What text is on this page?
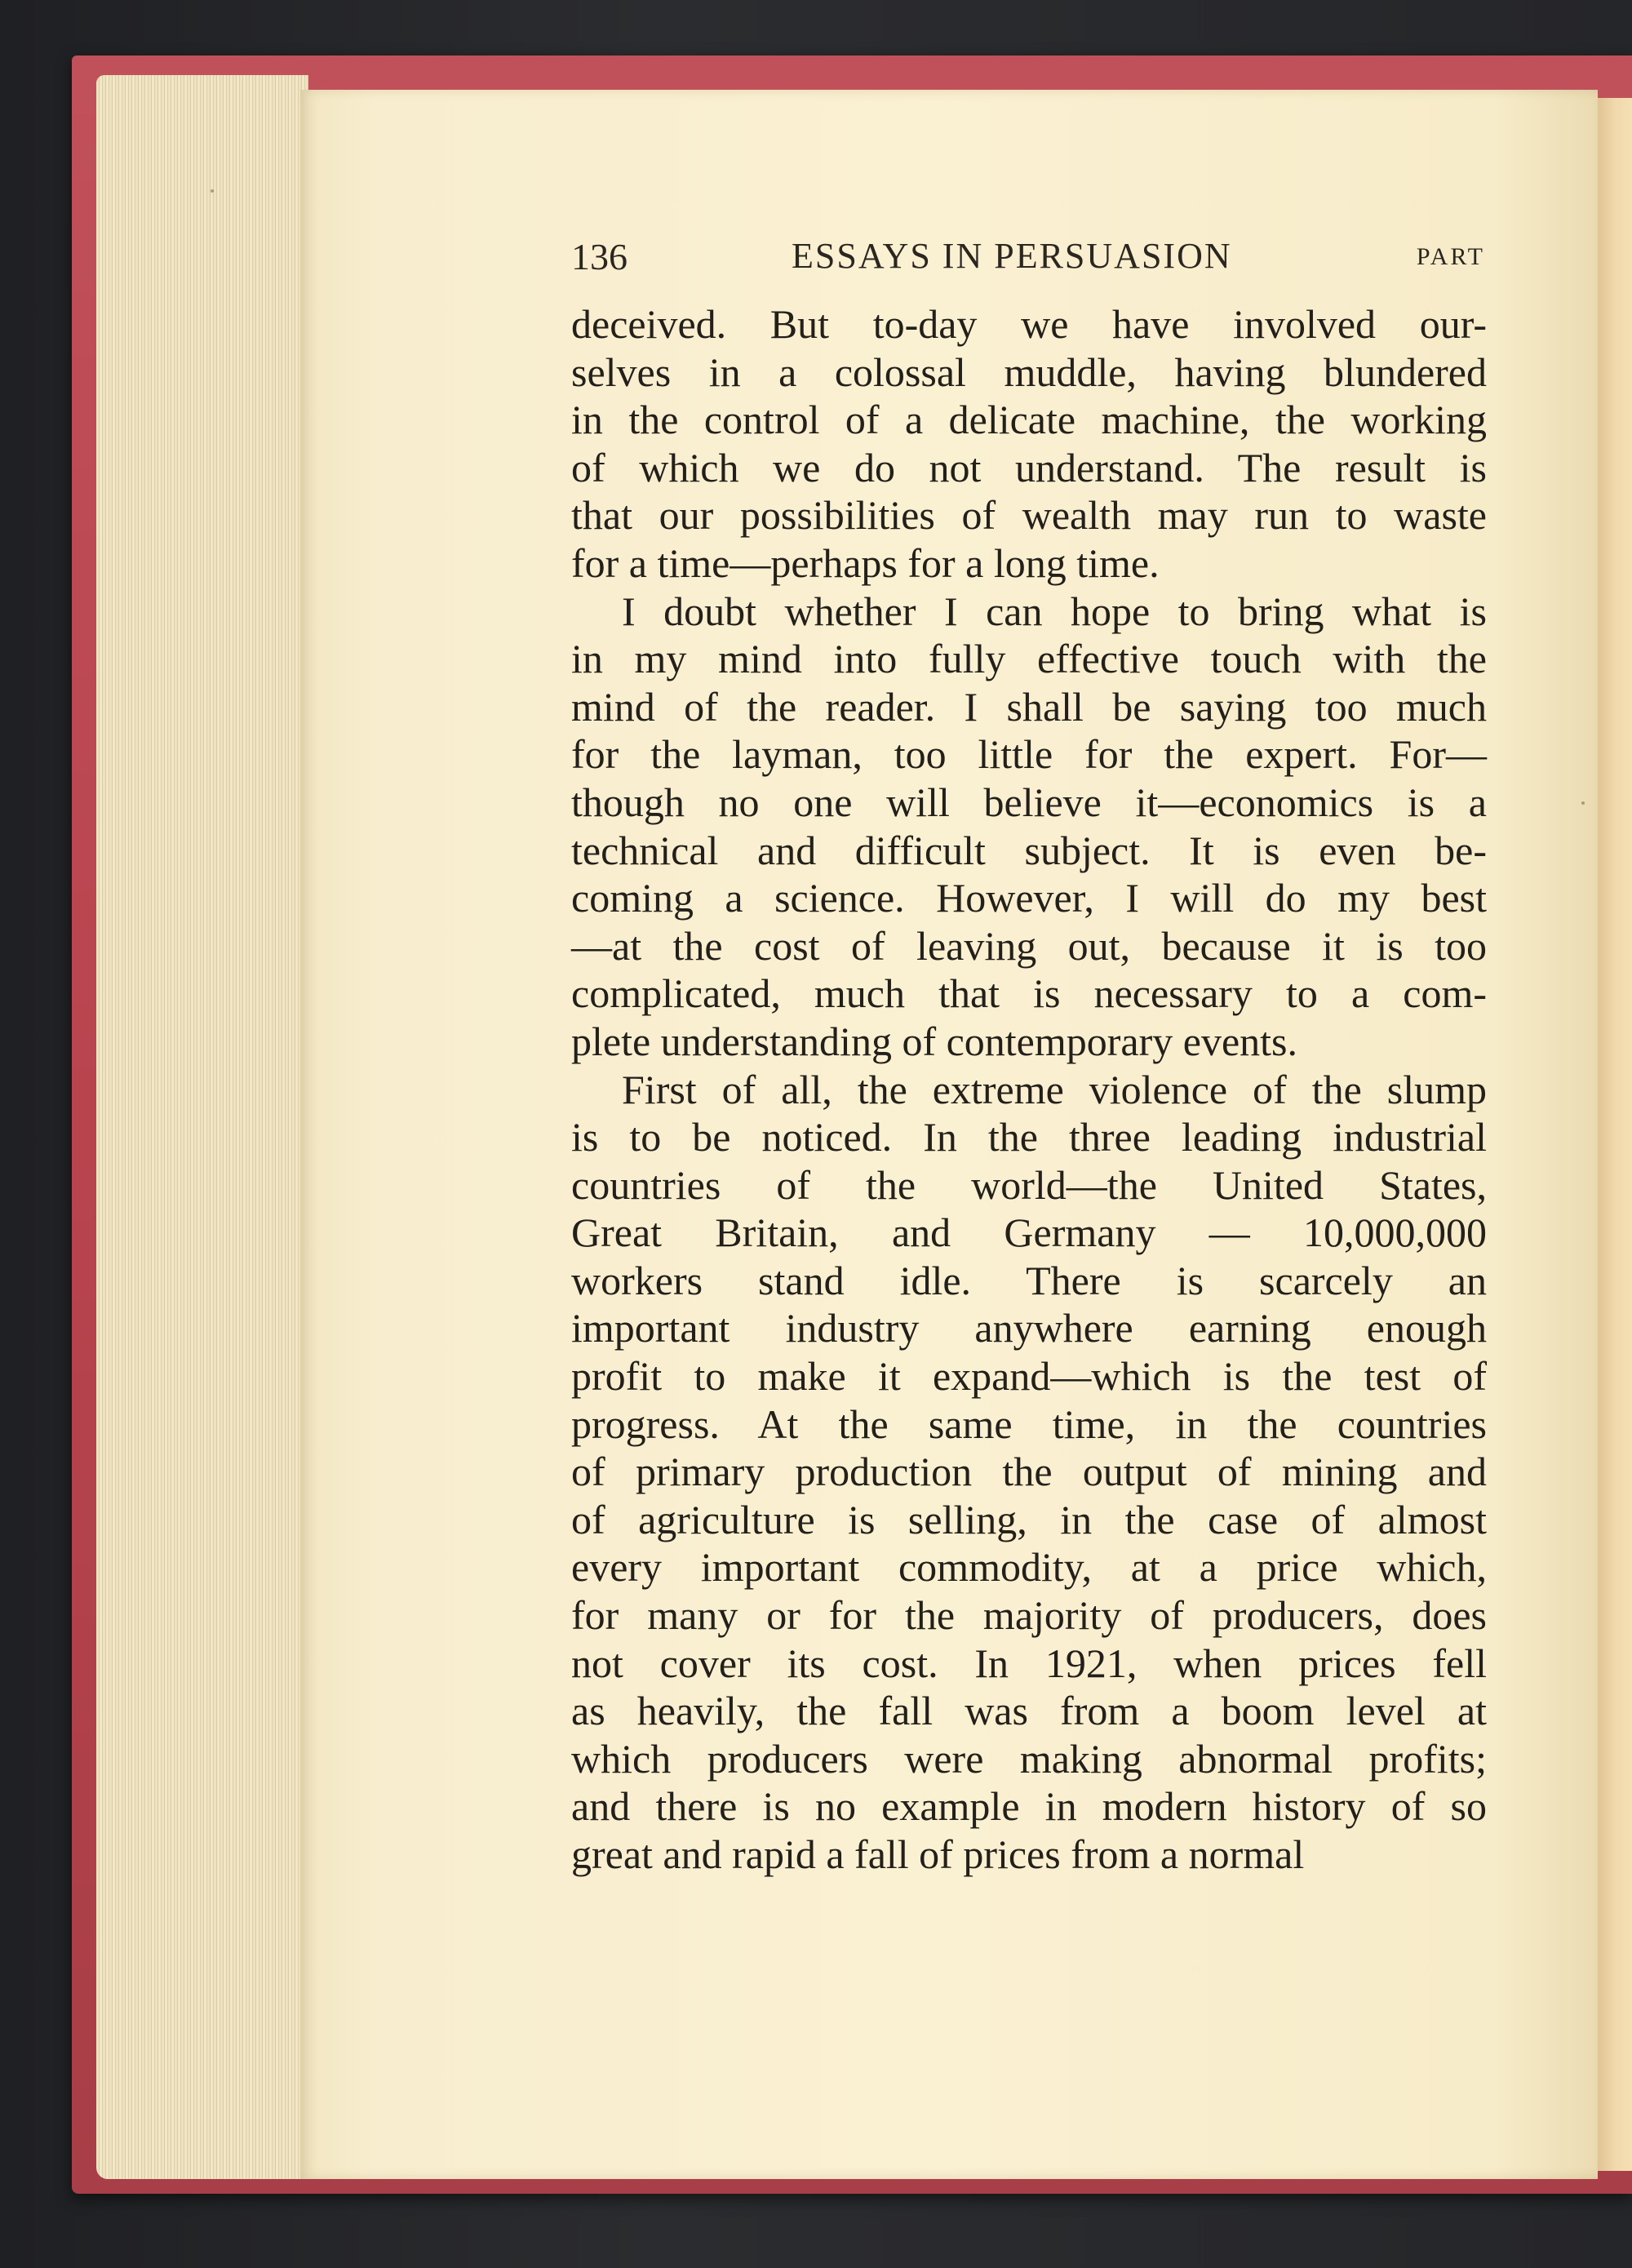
136	ESSAYS IN PERSUASION	PART
deceived. But to-day we have involved our-
selves in a colossal muddle, having blundered
in the control of a delicate machine, the working
of which we do not understand. The result is
that our possibilities of wealth may run to waste
for a time—perhaps for a long time.
I doubt whether I can hope to bring what is
in my mind into fully effective touch with the
mind of the reader. I shall be saying too much
for the layman, too little for the expert. For—
though no one will believe it—economics is a
technical and difficult subject. It is even be-
coming a science. However, I will do my best
—at the cost of leaving out, because it is too
complicated, much that is necessary to a com-
plete understanding of contemporary events.
First of all, the extreme violence of the slump
is to be noticed. In the three leading industrial
countries of the world—the United States,
Great Britain, and Germany — 10,000,000
workers stand idle. There is scarcely an
important industry anywhere earning enough
profit to make it expand—which is the test of
progress. At the same time, in the countries
of primary production the output of mining and
of agriculture is selling, in the case of almost
every important commodity, at a price which,
for many or for the majority of producers, does
not cover its cost. In 1921, when prices fell
as heavily, the fall was from a boom level at
which producers were making abnormal profits;
and there is no example in modern history of so
great and rapid a fall of prices from a normal
